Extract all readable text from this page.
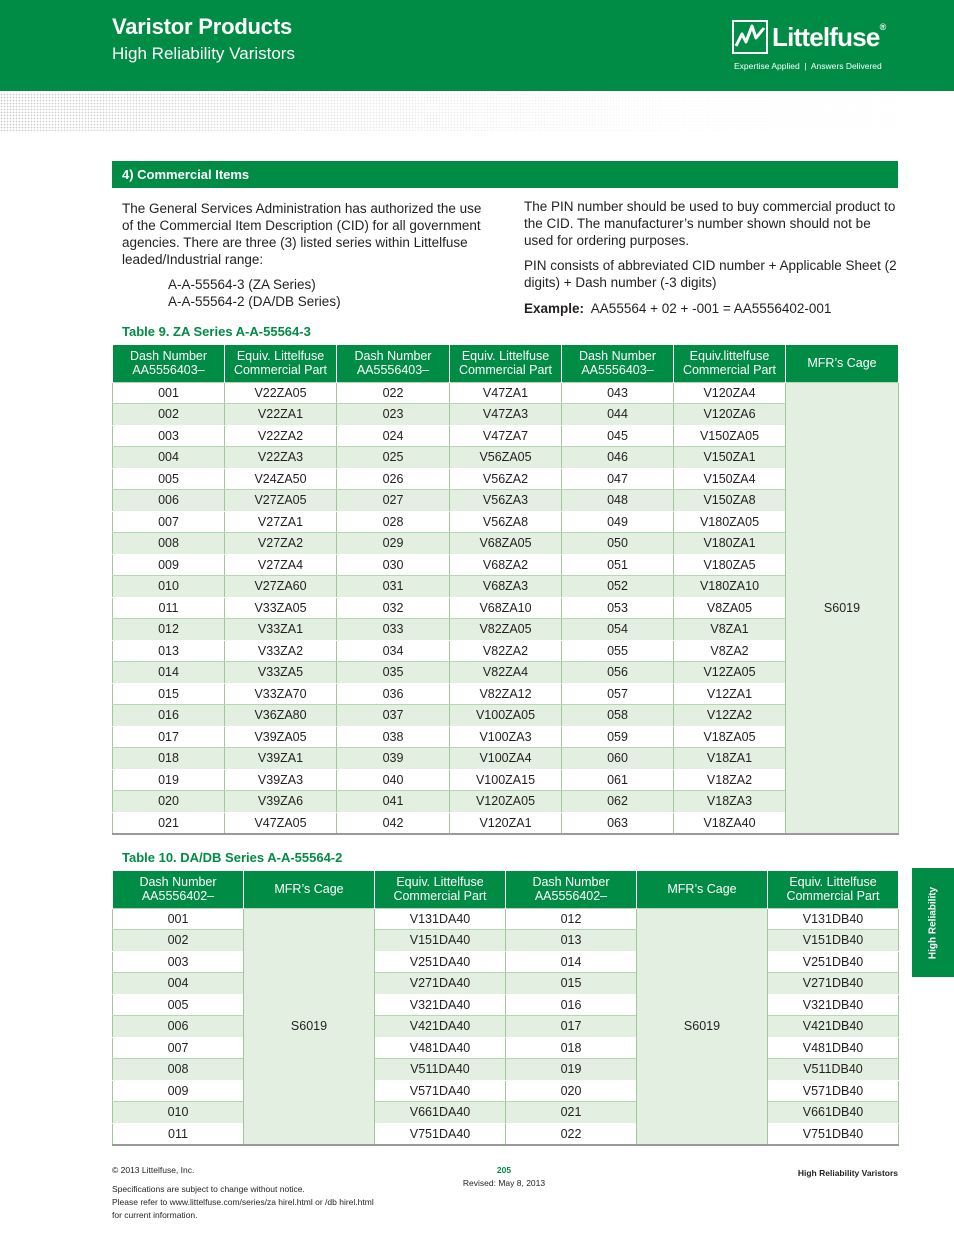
Varistor Products
High Reliability Varistors
Littelfuse®
Expertise Applied  |  Answers Delivered
4) Commercial Items
The General Services Administration has authorized the use of the Commercial Item Description (CID) for all government agencies. There are three (3) listed series within Littelfuse leaded/Industrial range:
A-A-55564-3 (ZA Series)
A-A-55564-2 (DA/DB Series)
The PIN number should be used to buy commercial product to the CID. The manufacturer’s number shown should not be used for ordering purposes.
PIN consists of abbreviated CID number + Applicable Sheet (2 digits) + Dash number (-3 digits)
Example: AA55564 + 02 + -001 = AA5556402-001
Table 9. ZA Series A-A-55564-3
Dash Number AA5556403–	Equiv. Littelfuse Commercial Part	Dash Number AA5556403–	Equiv. Littelfuse Commercial Part	Dash Number AA5556403–	Equiv.littelfuse Commercial Part	MFR’s Cage
001	V22ZA05	022	V47ZA1	043	V120ZA4	S6019
002	V22ZA1	023	V47ZA3	044	V120ZA6	
003	V22ZA2	024	V47ZA7	045	V150ZA05	
004	V22ZA3	025	V56ZA05	046	V150ZA1	
005	V24ZA50	026	V56ZA2	047	V150ZA4	
006	V27ZA05	027	V56ZA3	048	V150ZA8	
007	V27ZA1	028	V56ZA8	049	V180ZA05	
008	V27ZA2	029	V68ZA05	050	V180ZA1	
009	V27ZA4	030	V68ZA2	051	V180ZA5	
010	V27ZA60	031	V68ZA3	052	V180ZA10	
011	V33ZA05	032	V68ZA10	053	V8ZA05	
012	V33ZA1	033	V82ZA05	054	V8ZA1	
013	V33ZA2	034	V82ZA2	055	V8ZA2	
014	V33ZA5	035	V82ZA4	056	V12ZA05	
015	V33ZA70	036	V82ZA12	057	V12ZA1	
016	V36ZA80	037	V100ZA05	058	V12ZA2	
017	V39ZA05	038	V100ZA3	059	V18ZA05	
018	V39ZA1	039	V100ZA4	060	V18ZA1	
019	V39ZA3	040	V100ZA15	061	V18ZA2	
020	V39ZA6	041	V120ZA05	062	V18ZA3	
021	V47ZA05	042	V120ZA1	063	V18ZA40	
Table 10. DA/DB Series A-A-55564-2
Dash Number AA5556402–	MFR’s Cage	Equiv. Littelfuse Commercial Part	Dash Number AA5556402–	MFR’s Cage	Equiv. Littelfuse Commercial Part
001	S6019	V131DA40	012	S6019	V131DB40
002		V151DA40	013		V151DB40
003		V251DA40	014		V251DB40
004		V271DA40	015		V271DB40
005		V321DA40	016		V321DB40
006		V421DA40	017		V421DB40
007		V481DA40	018		V481DB40
008		V511DA40	019		V511DB40
009		V571DA40	020		V571DB40
010		V661DA40	021		V661DB40
011		V751DA40	022		V751DB40
High Reliability
© 2013 Littelfuse, Inc.
Specifications are subject to change without notice.
Please refer to www.littelfuse.com/series/za hirel.html or /db hirel.html
for current information.
205
Revised: May 8, 2013
High Reliability Varistors
